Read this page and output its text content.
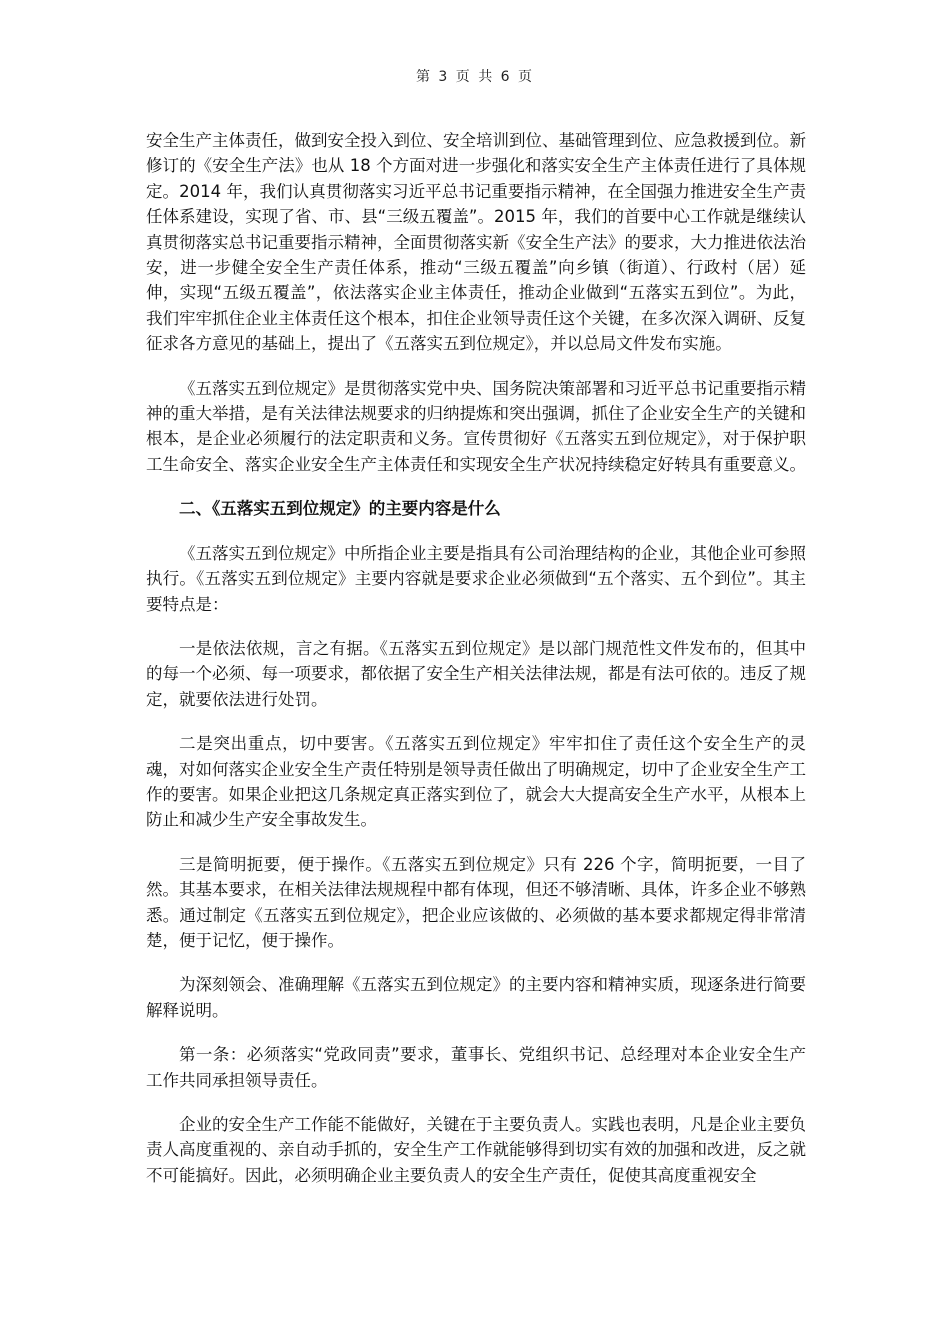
第 3 页 共 6 页

安全生产主体责任，做到安全投入到位、安全培训到位、基础管理到位、应急救援到位。新修订的《安全生产法》也从 18 个方面对进一步强化和落实安全生产主体责任进行了具体规定。2014 年，我们认真贯彻落实习近平总书记重要指示精神，在全国强力推进安全生产责任体系建设，实现了省、市、县“三级五覆盖”。2015 年，我们的首要中心工作就是继续认真贯彻落实总书记重要指示精神，全面贯彻落实新《安全生产法》的要求，大力推进依法治安，进一步健全安全生产责任体系，推动“三级五覆盖”向乡镇（街道）、行政村（居）延伸，实现“五级五覆盖”，依法落实企业主体责任，推动企业做到“五落实五到位”。为此，我们牢牢抓住企业主体责任这个根本，扣住企业领导责任这个关键，在多次深入调研、反复征求各方意见的基础上，提出了《五落实五到位规定》，并以总局文件发布实施。

《五落实五到位规定》是贯彻落实党中央、国务院决策部署和习近平总书记重要指示精神的重大举措，是有关法律法规要求的归纳提炼和突出强调，抓住了企业安全生产的关键和根本，是企业必须履行的法定职责和义务。宣传贯彻好《五落实五到位规定》，对于保护职工生命安全、落实企业安全生产主体责任和实现安全生产状况持续稳定好转具有重要意义。

二、《五落实五到位规定》的主要内容是什么

《五落实五到位规定》中所指企业主要是指具有公司治理结构的企业，其他企业可参照执行。《五落实五到位规定》主要内容就是要求企业必须做到“五个落实、五个到位”。其主要特点是：

一是依法依规，言之有据。《五落实五到位规定》是以部门规范性文件发布的，但其中的每一个必须、每一项要求，都依据了安全生产相关法律法规，都是有法可依的。违反了规定，就要依法进行处罚。

二是突出重点，切中要害。《五落实五到位规定》牢牢扣住了责任这个安全生产的灵魂，对如何落实企业安全生产责任特别是领导责任做出了明确规定，切中了企业安全生产工作的要害。如果企业把这几条规定真正落实到位了，就会大大提高安全生产水平，从根本上防止和减少生产安全事故发生。

三是简明扼要，便于操作。《五落实五到位规定》只有 226 个字，简明扼要，一目了然。其基本要求，在相关法律法规规程中都有体现，但还不够清晰、具体，许多企业不够熟悉。通过制定《五落实五到位规定》，把企业应该做的、必须做的基本要求都规定得非常清楚，便于记忆，便于操作。

为深刻领会、准确理解《五落实五到位规定》的主要内容和精神实质，现逐条进行简要解释说明。

第一条：必须落实“党政同责”要求，董事长、党组织书记、总经理对本企业安全生产工作共同承担领导责任。

企业的安全生产工作能不能做好，关键在于主要负责人。实践也表明，凡是企业主要负责人高度重视的、亲自动手抓的，安全生产工作就能够得到切实有效的加强和改进，反之就不可能搞好。因此，必须明确企业主要负责人的安全生产责任，促使其高度重视安全
